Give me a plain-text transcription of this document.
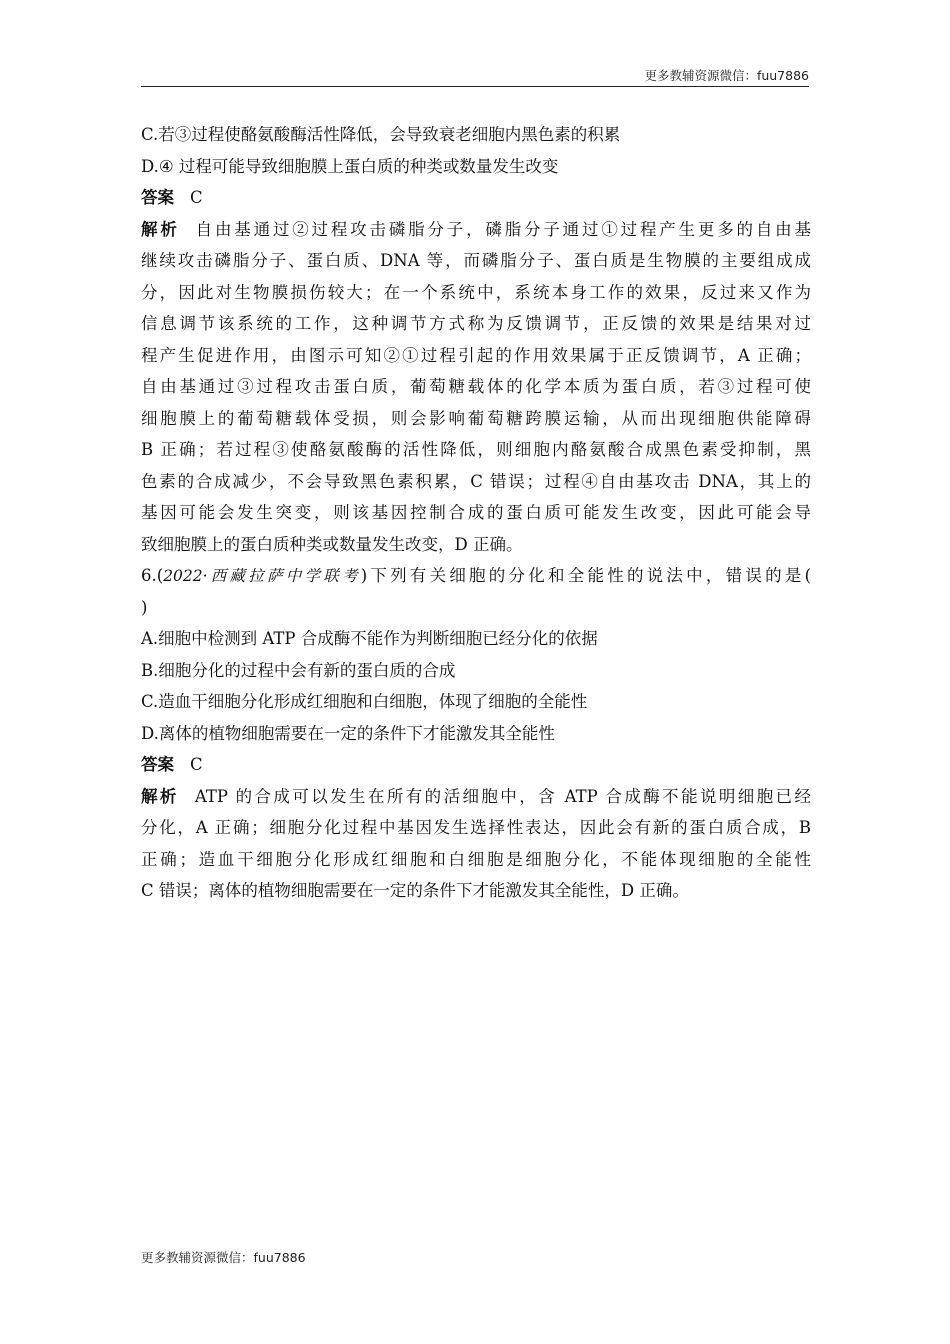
更多教辅资源微信：fuu7886
C.若③过程使酪氨酸酶活性降低，会导致衰老细胞内黑色素的积累
D.④ 过程可能导致细胞膜上蛋白质的种类或数量发生改变
答案 C
解析 自由基通过②过程攻击磷脂分子，磷脂分子通过①过程产生更多的自由基
继续攻击磷脂分子、蛋白质、DNA 等，而磷脂分子、蛋白质是生物膜的主要组成成
分，因此对生物膜损伤较大；在一个系统中，系统本身工作的效果，反过来又作为
信息调节该系统的工作，这种调节方式称为反馈调节，正反馈的效果是结果对过
程产生促进作用，由图示可知②①过程引起的作用效果属于正反馈调节，A 正确；
自由基通过③过程攻击蛋白质，葡萄糖载体的化学本质为蛋白质，若③过程可使
细胞膜上的葡萄糖载体受损，则会影响葡萄糖跨膜运输，从而出现细胞供能障碍
B 正确；若过程③使酪氨酸酶的活性降低，则细胞内酪氨酸合成黑色素受抑制，黑
色素的合成减少，不会导致黑色素积累，C 错误；过程④自由基攻击 DNA，其上的
基因可能会发生突变，则该基因控制合成的蛋白质可能发生改变，因此可能会导
致细胞膜上的蛋白质种类或数量发生改变，D 正确。
6.(2022·西藏拉萨中学联考)下列有关细胞的分化和全能性的说法中，错误的是(
)
A.细胞中检测到 ATP 合成酶不能作为判断细胞已经分化的依据
B.细胞分化的过程中会有新的蛋白质的合成
C.造血干细胞分化形成红细胞和白细胞，体现了细胞的全能性
D.离体的植物细胞需要在一定的条件下才能激发其全能性
答案 C
解析 ATP 的合成可以发生在所有的活细胞中，含 ATP 合成酶不能说明细胞已经
分化，A 正确；细胞分化过程中基因发生选择性表达，因此会有新的蛋白质合成，B
正确；造血干细胞分化形成红细胞和白细胞是细胞分化，不能体现细胞的全能性
C 错误；离体的植物细胞需要在一定的条件下才能激发其全能性，D 正确。
更多教辅资源微信：fuu7886
